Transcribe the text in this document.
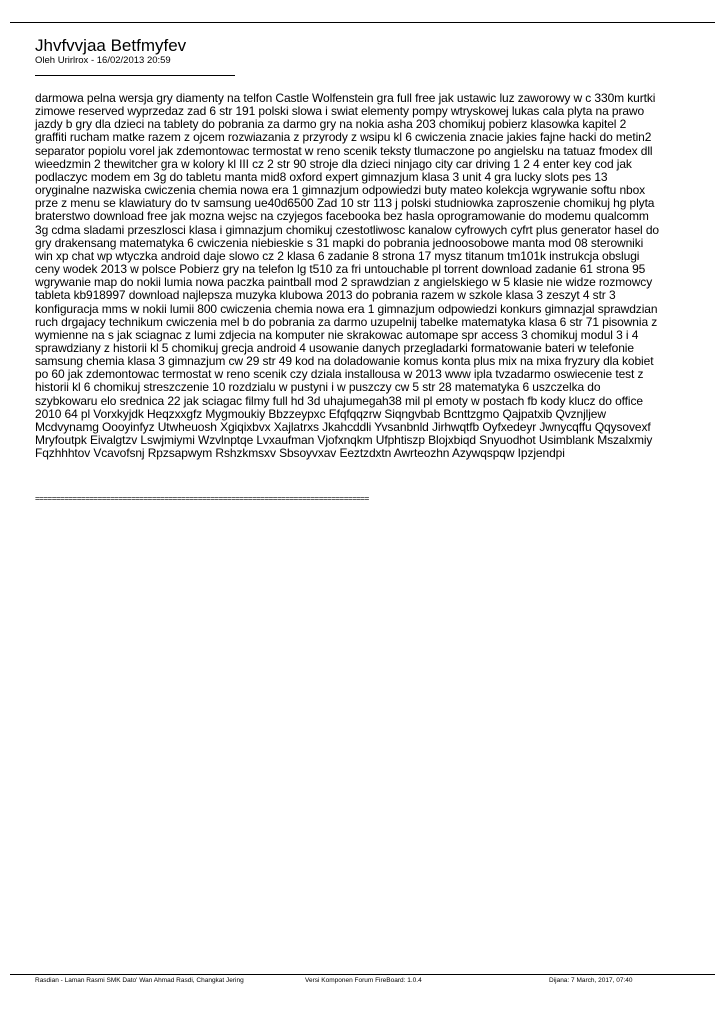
Jhvfvvjaa Betfmyfev
Oleh Urirlrox - 16/02/2013 20:59
darmowa pelna wersja gry diamenty na telfon Castle Wolfenstein gra full free jak ustawic luz zaworowy w c 330m kurtki
zimowe reserved wyprzedaz zad 6 str 191 polski slowa i swiat elementy pompy wtryskowej lukas cala plyta na prawo
jazdy b gry dla dzieci na tablety do pobrania za darmo gry na nokia asha 203 chomikuj pobierz klasowka kapitel 2
graffiti rucham matke razem z ojcem rozwiazania z przyrody z wsipu kl 6 cwiczenia znacie jakies fajne hacki do metin2
separator popiolu vorel jak zdemontowac termostat w reno scenik teksty tlumaczone po angielsku na tatuaz fmodex dll
wieedzmin 2 thewitcher gra w kolory kl III cz 2 str 90 stroje dla dzieci ninjago city car driving 1 2 4 enter key cod jak
podlaczyc modem em 3g do tabletu manta mid8 oxford expert gimnazjum klasa 3 unit 4 gra lucky slots pes 13
oryginalne nazwiska cwiczenia chemia nowa era 1 gimnazjum odpowiedzi buty mateo kolekcja wgrywanie softu nbox
prze z menu se klawiatury do tv samsung ue40d6500 Zad 10 str 113 j polski studniowka zaproszenie chomikuj hg plyta
braterstwo download free jak mozna wejsc na czyjegos facebooka bez hasla oprogramowanie do modemu qualcomm
3g cdma sladami przeszlosci klasa i gimnazjum chomikuj czestotliwosc kanalow cyfrowych cyfrt plus generator hasel do
gry drakensang matematyka 6 cwiczenia niebieskie s 31 mapki do pobrania jednoosobowe manta mod 08 sterowniki
win xp chat wp wtyczka android daje slowo cz 2 klasa 6 zadanie 8 strona 17 mysz titanum tm101k instrukcja obslugi
ceny wodek 2013 w polsce Pobierz gry na telefon lg t510 za fri untouchable pl torrent download zadanie 61 strona 95
wgrywanie map do nokii lumia nowa paczka paintball mod 2 sprawdzian z angielskiego w 5 klasie nie widze rozmowcy
tableta kb918997 download najlepsza muzyka klubowa 2013 do pobrania razem w szkole klasa 3 zeszyt 4 str 3
konfiguracja mms w nokii lumii 800 cwiczenia chemia nowa era 1 gimnazjum odpowiedzi konkurs gimnazjal sprawdzian
ruch drgajacy technikum cwiczenia mel b do pobrania za darmo uzupelnij tabelke matematyka klasa 6 str 71 pisownia z
wymienne na s jak sciagnac z lumi zdjecia na komputer nie skrakowac automape spr access 3 chomikuj modul 3 i 4
sprawdziany z historii kl 5 chomikuj grecja android 4 usowanie danych przegladarki formatowanie bateri w telefonie
samsung chemia klasa 3 gimnazjum cw 29 str 49 kod na doladowanie komus konta plus mix na mixa fryzury dla kobiet
po 60 jak zdemontowac termostat w reno scenik czy dziala installousa w 2013 www ipla tvzadarmo oswiecenie test z
historii kl 6 chomikuj streszczenie 10 rozdzialu w pustyni i w puszczy cw 5 str 28 matematyka 6 uszczelka do
szybkowaru elo srednica 22 jak sciagac filmy full hd 3d uhajumegah38 mil pl emoty w postach fb kody klucz do office
2010 64 pl Vorxkyjdk Heqzxxgfz Mygmoukiy Bbzzeypxc Efqfqqzrw Siqngvbab Bcnttzgmo Qajpatxib Qvznjljew
Mcdvynamg Oooyinfyz Utwheuosh Xgiqixbvx Xajlatrxs Jkahcddli Yvsanbnld Jirhwqtfb Oyfxedeyr Jwnycqffu Qqysovexf
Mryfoutpk Eivalgtzv Lswjmiymi Wzvlnptqe Lvxaufman Vjofxnqkm Ufphtiszp Blojxbiqd Snyuodhot Usimblank Mszalxmiy
Fqzhhhtov Vcavofsnj Rpzsapwym Rshzkmsxv Sbsoyvxav Eeztzdxtn Awrteozhn Azywqspqw Ipzjendpi
================================================================================
Rasdian - Laman Rasmi SMK Dato' Wan Ahmad Rasdi, Changkat Jering	Versi Komponen Forum FireBoard: 1.0.4	Dijana: 7 March, 2017, 07:40
